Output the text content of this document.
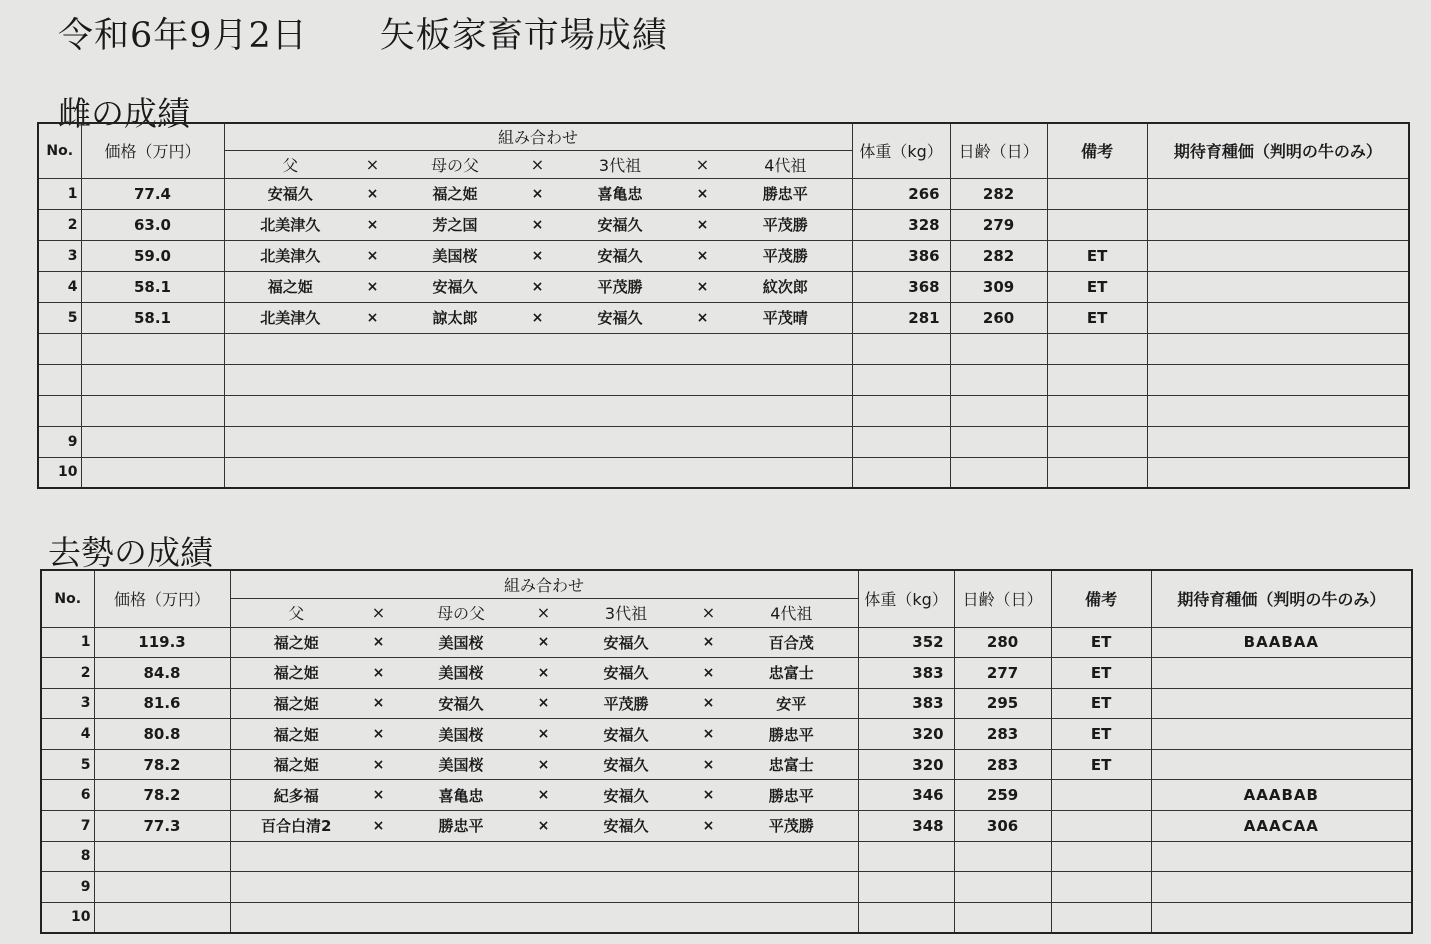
令和6年9月2日　　矢板家畜市場成績
雌の成績
去勢の成績
No.	価格（万円）	組み合わせ							体重（kg）	日齢（日）	備考	期待育種価（判明の牛のみ）
		父	×	母の父	×	3代祖	×	4代祖				
1	77.4	安福久	×	福之姫	×	喜亀忠	×	勝忠平	266	282		
2	63.0	北美津久	×	芳之国	×	安福久	×	平茂勝	328	279		
3	59.0	北美津久	×	美国桜	×	安福久	×	平茂勝	386	282	ET	
4	58.1	福之姫	×	安福久	×	平茂勝	×	紋次郎	368	309	ET	
5	58.1	北美津久	×	諒太郎	×	安福久	×	平茂晴	281	260	ET	

9												
10												
No.	価格（万円）	組み合わせ							体重（kg）	日齢（日）	備考	期待育種価（判明の牛のみ）
		父	×	母の父	×	3代祖	×	4代祖				
1	119.3	福之姫	×	美国桜	×	安福久	×	百合茂	352	280	ET	BAABAA
2	84.8	福之姫	×	美国桜	×	安福久	×	忠富士	383	277	ET	
3	81.6	福之姫	×	安福久	×	平茂勝	×	安平	383	295	ET	
4	80.8	福之姫	×	美国桜	×	安福久	×	勝忠平	320	283	ET	
5	78.2	福之姫	×	美国桜	×	安福久	×	忠富士	320	283	ET	
6	78.2	紀多福	×	喜亀忠	×	安福久	×	勝忠平	346	259		AAABAB
7	77.3	百合白清2	×	勝忠平	×	安福久	×	平茂勝	348	306		AAACAA
8												
9												
10												
